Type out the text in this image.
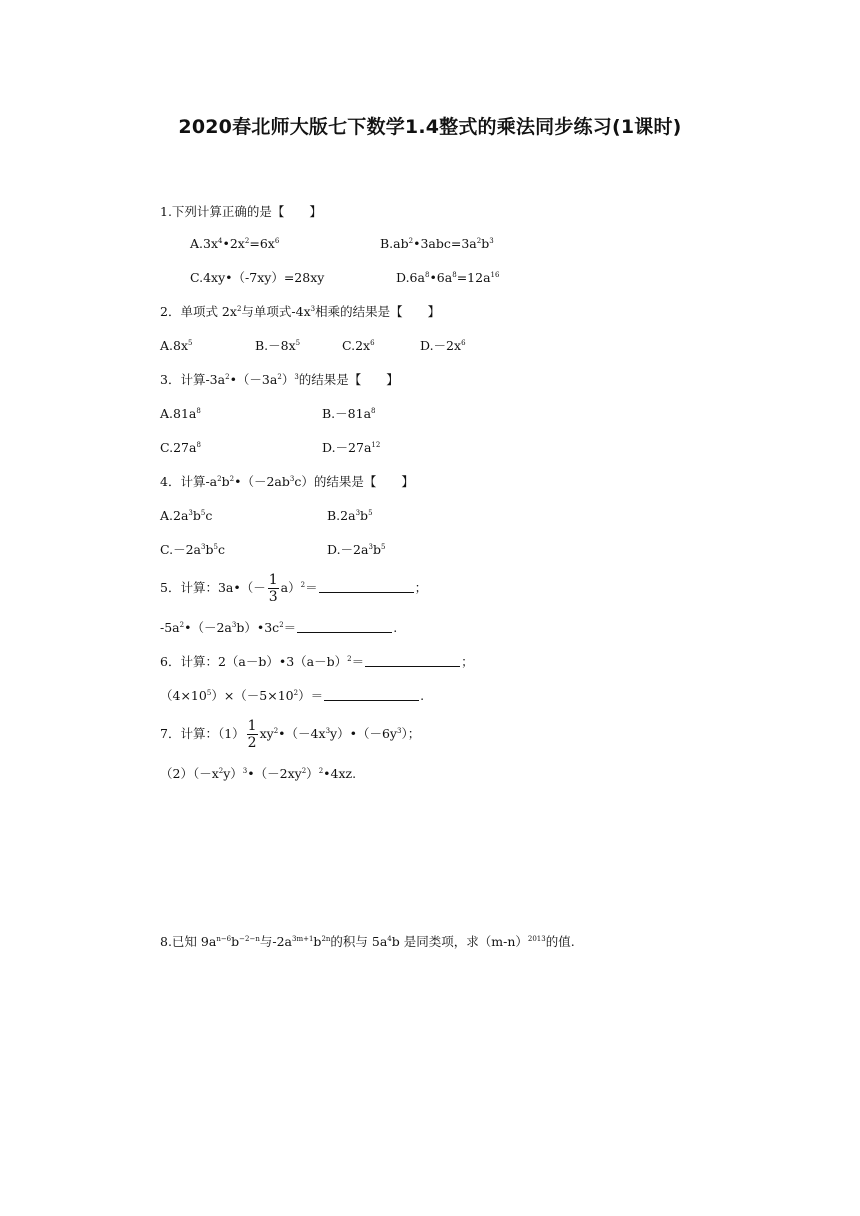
2020春北师大版七下数学1.4整式的乘法同步练习(1课时)
1.下列计算正确的是【　　】
$A.3x^4•2x^2=6x^6$	$B.ab^2•3abc=3a^2b^3$
C.4xy•（-7xy）=28xy	$D.6a^8•6a^8=12a^{16}$
2．单项式 $2x^2$与单项式$-4x^3$相乘的结果是【　　】
$A.8x^5$	$B.-8x^5$	$C.2x^6$	$D.-2x^6$
3．计算$-3a^2•(-3a^2)^3$的结果是【　　】
$A.81a^8$	$B.-81a^8$
$C.27a^8$	$D.-27a^{12}$
4．计算$-a^2b^2•(-2ab^3c)$的结果是【　　】
$A.2a^3b^5c$	$B.2a^3b^5$
$C.-2a^3b^5c$	$D.-2a^3b^5$
5．计算：3a•（－ $\frac{1}{3} a)^2=$	；
$-5a^2•(-2a^3b)•3c^2=$	.
6．计算：$2(a-b)•3(a-b)^2=$	；
$(4\times 10^5)\times(-5\times 10^2)=$	.
7．计算：$(1) \frac{1}{2}$ $xy^2•(-4x^3y)•(-6y^3)$；
$(2)(-x^2y)^3•(-2xy^2)^2•4xz$.
8.已知 $9a^{n-6}b^{-2-n}$与$-2a^{3m+1}b^{2n}$的积与 $5a^4b$ 是同类项，求$(m-n)^{2013}$的值.
